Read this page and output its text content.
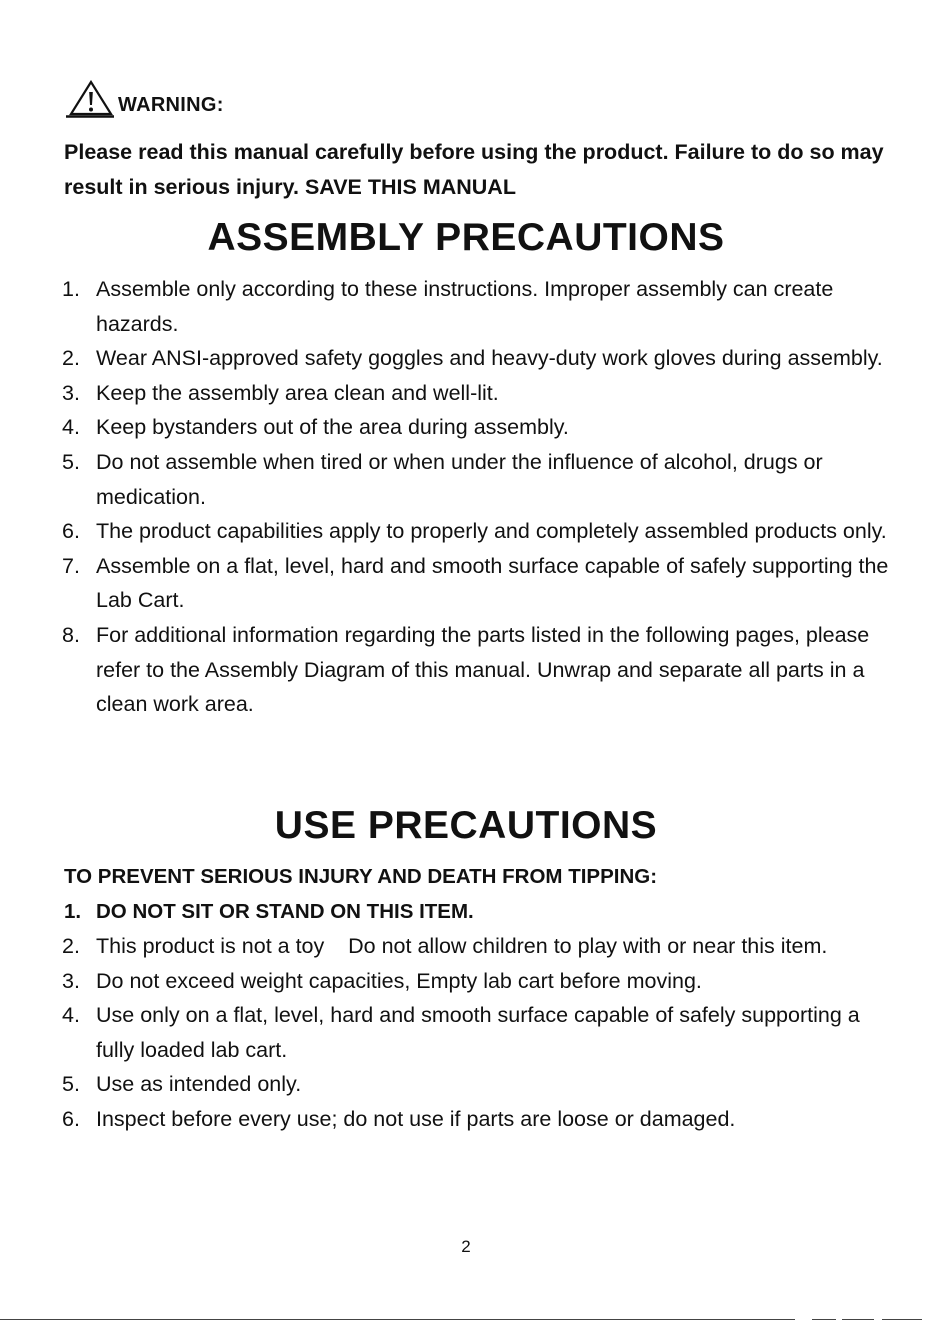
WARNING:
Please read this manual carefully before using the product. Failure to do so may result in serious injury. SAVE THIS MANUAL
ASSEMBLY PRECAUTIONS
1. Assemble only according to these instructions. Improper assembly can create hazards.
2. Wear ANSI-approved safety goggles and heavy-duty work gloves during assembly.
3. Keep the assembly area clean and well-lit.
4. Keep bystanders out of the area during assembly.
5. Do not assemble when tired or when under the influence of alcohol, drugs or medication.
6. The product capabilities apply to properly and completely assembled products only.
7. Assemble on a flat, level, hard and smooth surface capable of safely supporting the Lab Cart.
8. For additional information regarding the parts listed in the following pages, please refer to the Assembly Diagram of this manual. Unwrap and separate all parts in a clean work area.
USE PRECAUTIONS
TO PREVENT SERIOUS INJURY AND DEATH FROM TIPPING:
1. DO NOT SIT OR STAND ON THIS ITEM.
2. This product is not a toy    Do not allow children to play with or near this item.
3. Do not exceed weight capacities, Empty lab cart before moving.
4. Use only on a flat, level, hard and smooth surface capable of safely supporting a fully loaded lab cart.
5. Use as intended only.
6. Inspect before every use; do not use if parts are loose or damaged.
2
